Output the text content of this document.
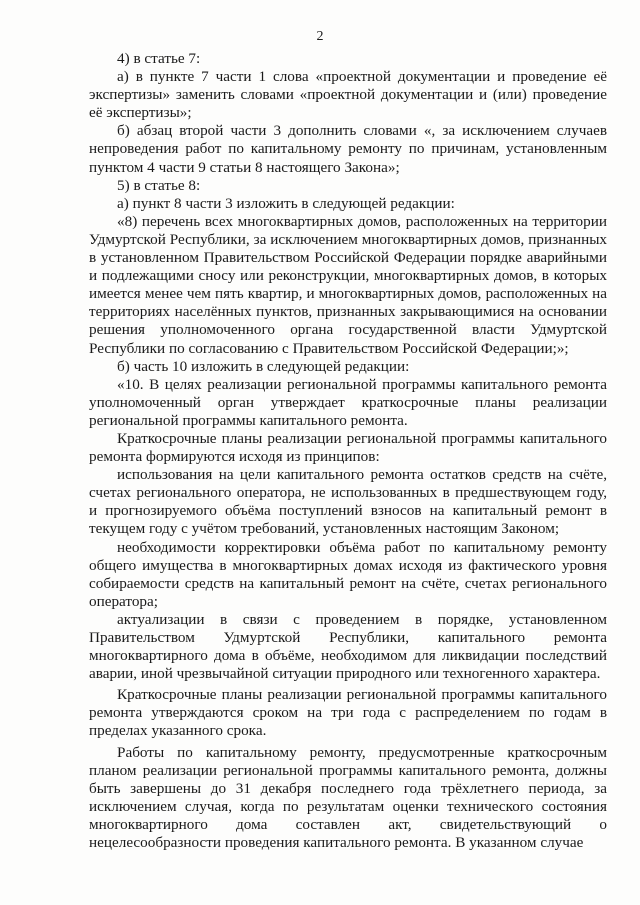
2

4) в статье 7:

а) в пункте 7 части 1 слова «проектной документации и проведение её экспертизы» заменить словами «проектной документации и (или) проведение её экспертизы»;

б) абзац второй части 3 дополнить словами «, за исключением случаев непроведения работ по капитальному ремонту по причинам, установленным пунктом 4 части 9 статьи 8 настоящего Закона»;

5) в статье 8:

а) пункт 8 части 3 изложить в следующей редакции:

«8) перечень всех многоквартирных домов, расположенных на территории Удмуртской Республики, за исключением многоквартирных домов, признанных в установленном Правительством Российской Федерации порядке аварийными и подлежащими сносу или реконструкции, многоквартирных домов, в которых имеется менее чем пять квартир, и многоквартирных домов, расположенных на территориях населённых пунктов, признанных закрывающимися на основании решения уполномоченного органа государственной власти Удмуртской Республики по согласованию с Правительством Российской Федерации;»;

б) часть 10 изложить в следующей редакции:

«10. В целях реализации региональной программы капитального ремонта уполномоченный орган утверждает краткосрочные планы реализации региональной программы капитального ремонта.

Краткосрочные планы реализации региональной программы капитального ремонта формируются исходя из принципов:

использования на цели капитального ремонта остатков средств на счёте, счетах регионального оператора, не использованных в предшествующем году, и прогнозируемого объёма поступлений взносов на капитальный ремонт в текущем году с учётом требований, установленных настоящим Законом;

необходимости корректировки объёма работ по капитальному ремонту общего имущества в многоквартирных домах исходя из фактического уровня собираемости средств на капитальный ремонт на счёте, счетах регионального оператора;

актуализации в связи с проведением в порядке, установленном Правительством Удмуртской Республики, капитального ремонта многоквартирного дома в объёме, необходимом для ликвидации последствий аварии, иной чрезвычайной ситуации природного или техногенного характера.

Краткосрочные планы реализации региональной программы капитального ремонта утверждаются сроком на три года с распределением по годам в пределах указанного срока.

Работы по капитальному ремонту, предусмотренные краткосрочным планом реализации региональной программы капитального ремонта, должны быть завершены до 31 декабря последнего года трёхлетнего периода, за исключением случая, когда по результатам оценки технического состояния многоквартирного дома составлен акт, свидетельствующий о нецелесообразности проведения капитального ремонта. В указанном случае
